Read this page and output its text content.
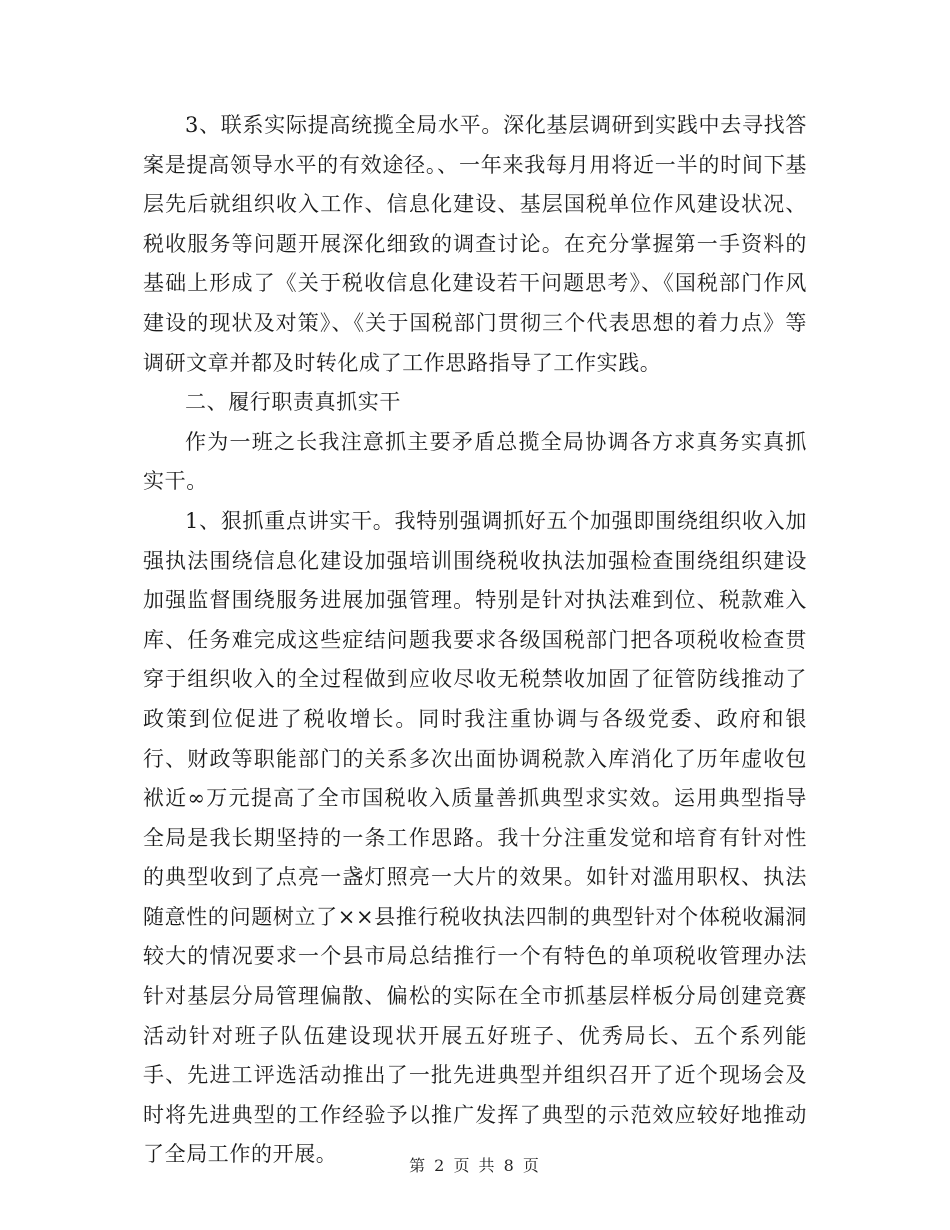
3、联系实际提高统揽全局水平。深化基层调研到实践中去寻找答案是提高领导水平的有效途径。、一年来我每月用将近一半的时间下基层先后就组织收入工作、信息化建设、基层国税单位作风建设状况、税收服务等问题开展深化细致的调查讨论。在充分掌握第一手资料的基础上形成了《关于税收信息化建设若干问题思考》、《国税部门作风建设的现状及对策》、《关于国税部门贯彻三个代表思想的着力点》等调研文章并都及时转化成了工作思路指导了工作实践。

二、履行职责真抓实干

作为一班之长我注意抓主要矛盾总揽全局协调各方求真务实真抓实干。

1、狠抓重点讲实干。我特别强调抓好五个加强即围绕组织收入加强执法围绕信息化建设加强培训围绕税收执法加强检查围绕组织建设加强监督围绕服务进展加强管理。特别是针对执法难到位、税款难入库、任务难完成这些症结问题我要求各级国税部门把各项税收检查贯穿于组织收入的全过程做到应收尽收无税禁收加固了征管防线推动了政策到位促进了税收增长。同时我注重协调与各级党委、政府和银行、财政等职能部门的关系多次出面协调税款入库消化了历年虚收包袱近∞万元提高了全市国税收入质量善抓典型求实效。运用典型指导全局是我长期坚持的一条工作思路。我十分注重发觉和培育有针对性的典型收到了点亮一盏灯照亮一大片的效果。如针对滥用职权、执法随意性的问题树立了××县推行税收执法四制的典型针对个体税收漏洞较大的情况要求一个县市局总结推行一个有特色的单项税收管理办法针对基层分局管理偏散、偏松的实际在全市抓基层样板分局创建竞赛活动针对班子队伍建设现状开展五好班子、优秀局长、五个系列能手、先进工评选活动推出了一批先进典型并组织召开了近个现场会及时将先进典型的工作经验予以推广发挥了典型的示范效应较好地推动了全局工作的开展。	第 2 页 共 8 页
